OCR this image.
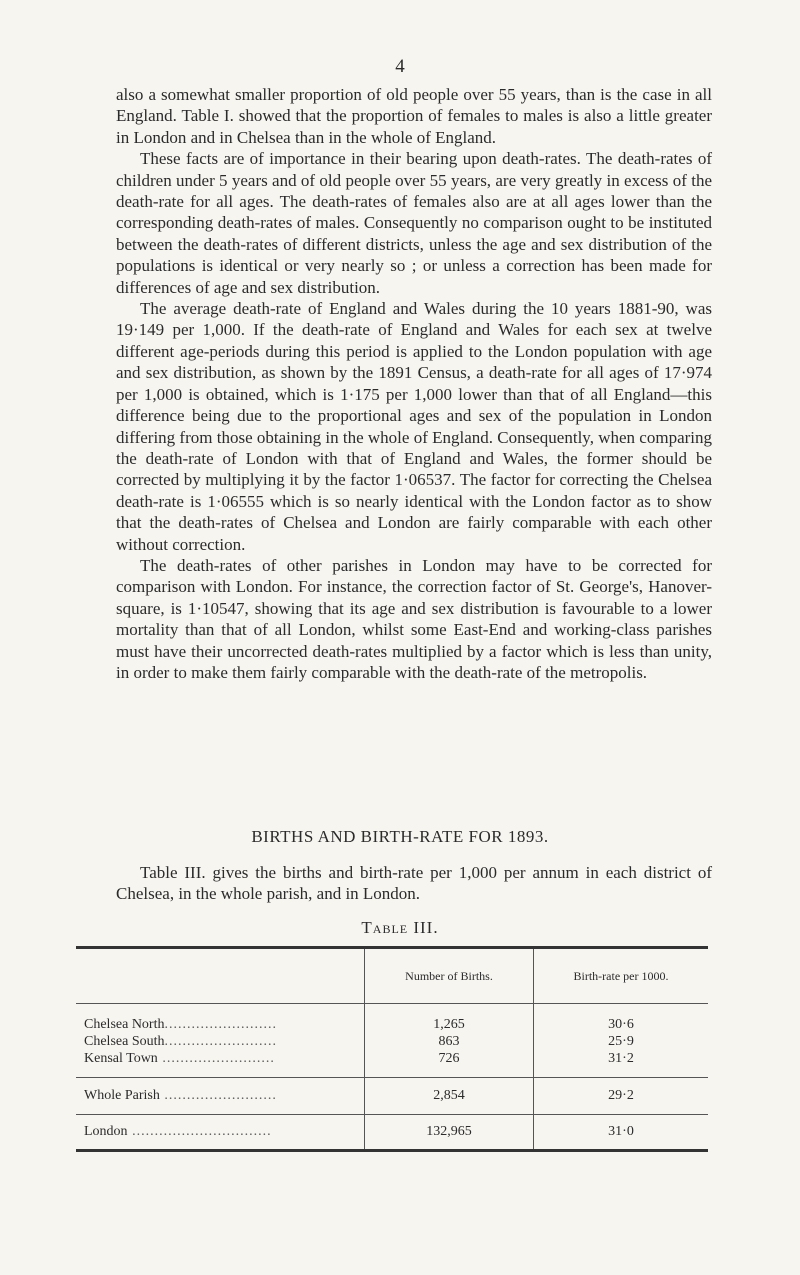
4

also a somewhat smaller proportion of old people over 55 years, than is the case in all England. Table I. showed that the proportion of females to males is also a little greater in London and in Chelsea than in the whole of England.

These facts are of importance in their bearing upon death-rates. The death-rates of children under 5 years and of old people over 55 years, are very greatly in excess of the death-rate for all ages. The death-rates of females also are at all ages lower than the corresponding death-rates of males. Consequently no comparison ought to be instituted between the death-rates of different districts, unless the age and sex distribution of the populations is identical or very nearly so ; or unless a correction has been made for differences of age and sex distribution.

The average death-rate of England and Wales during the 10 years 1881-90, was 19·149 per 1,000. If the death-rate of England and Wales for each sex at twelve different age-periods during this period is applied to the London population with age and sex distribution, as shown by the 1891 Census, a death-rate for all ages of 17·974 per 1,000 is obtained, which is 1·175 per 1,000 lower than that of all England—this difference being due to the proportional ages and sex of the population in London differing from those obtaining in the whole of England. Consequently, when comparing the death-rate of London with that of England and Wales, the former should be corrected by multiplying it by the factor 1·06537. The factor for correcting the Chelsea death-rate is 1·06555 which is so nearly identical with the London factor as to show that the death-rates of Chelsea and London are fairly comparable with each other without correction.

The death-rates of other parishes in London may have to be corrected for comparison with London. For instance, the correction factor of St. George's, Hanover-square, is 1·10547, showing that its age and sex distribution is favourable to a lower mortality than that of all London, whilst some East-End and working-class parishes must have their uncorrected death-rates multiplied by a factor which is less than unity, in order to make them fairly comparable with the death-rate of the metropolis.

BIRTHS AND BIRTH-RATE FOR 1893.
Table III. gives the births and birth-rate per 1,000 per annum in each district of Chelsea, in the whole parish, and in London.
Table III.
	Number of Births.	Birth-rate per 1000.
Chelsea North.........................	1,265	30·6
Chelsea South.........................	863	25·9
Kensal Town .........................	726	31·2
Whole Parish .........................	2,854	29·2
London ...............................	132,965	31·0
